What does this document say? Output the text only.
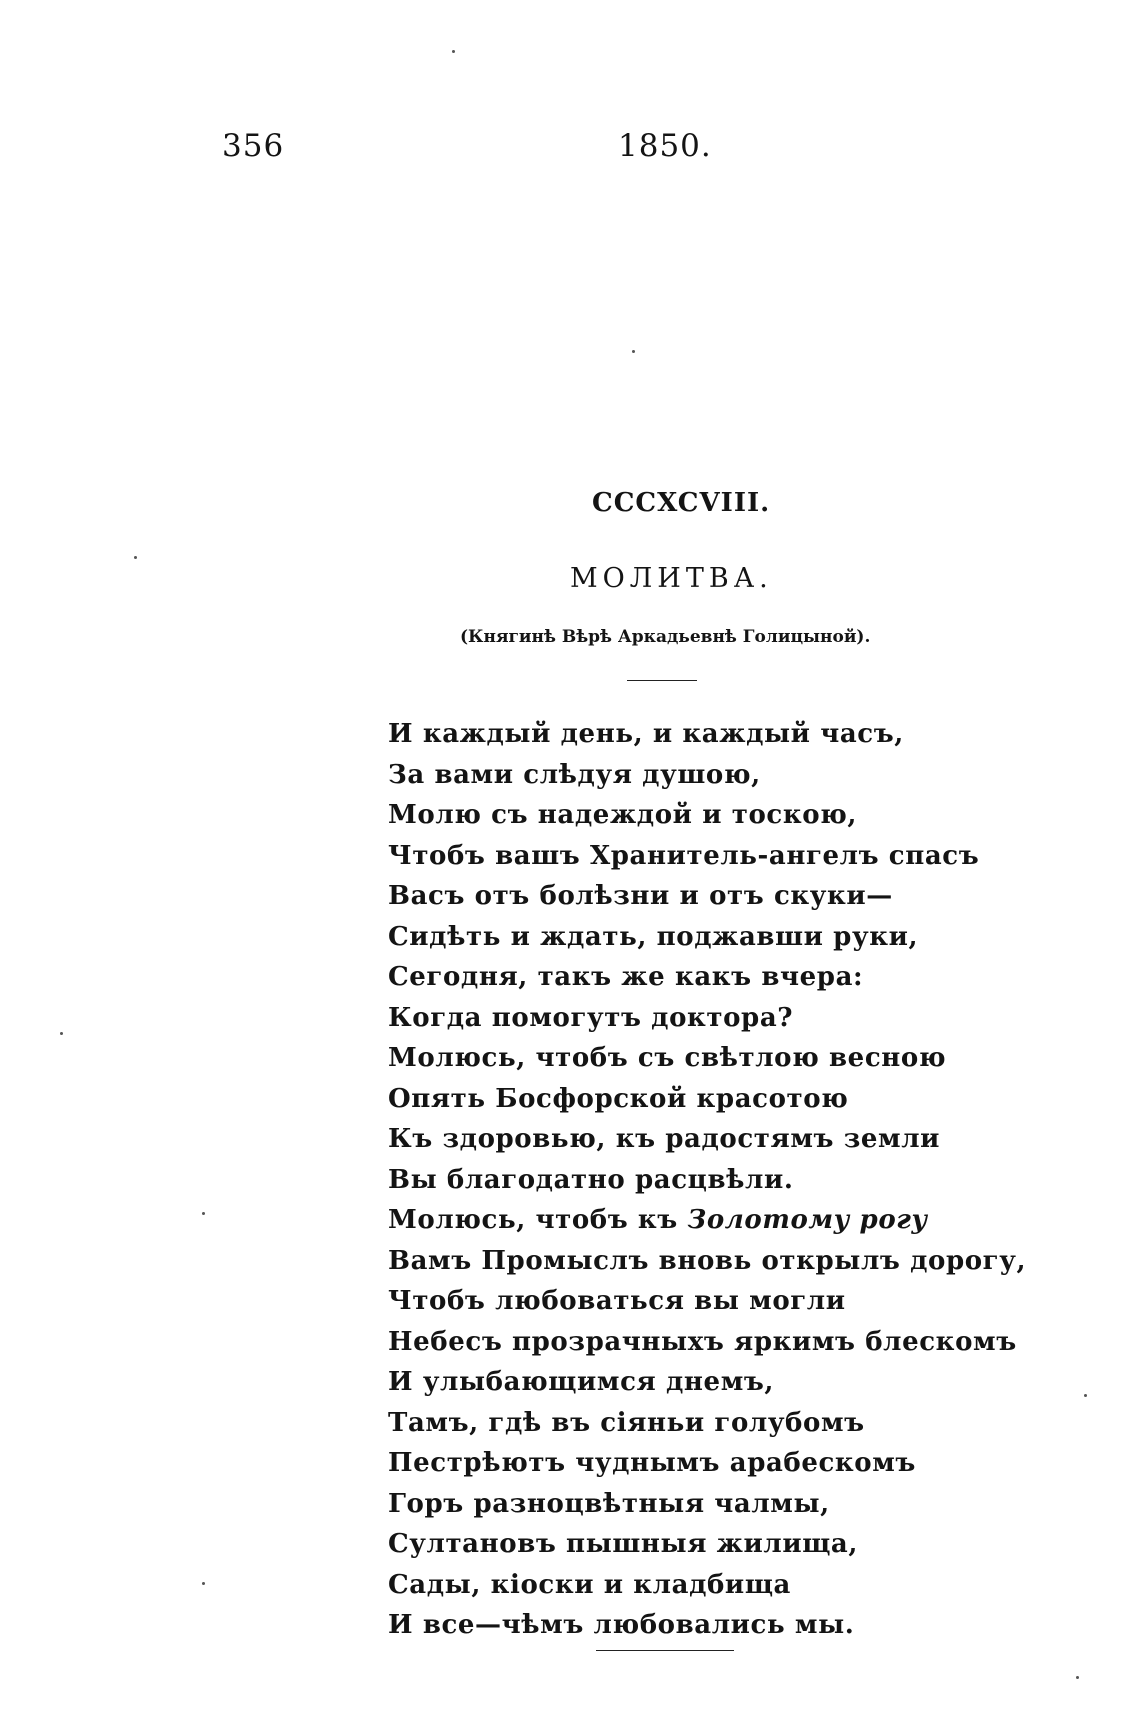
356	1850.
CCCXCVIII.
МОЛИТВА.
(Княгинѣ Вѣрѣ Аркадьевнѣ Голицыной).
И каждый день, и каждый часъ,
За вами слѣдуя душою,
Молю съ надеждой и тоскою,
Чтобъ вашъ Хранитель-ангелъ спасъ
Васъ отъ болѣзни и отъ скуки—
Сидѣть и ждать, поджавши руки,
Сегодня, такъ же какъ вчера:
Когда помогутъ доктора?
Молюсь, чтобъ съ свѣтлою весною
Опять Босфорской красотою
Къ здоровью, къ радостямъ земли
Вы благодатно расцвѣли.
Молюсь, чтобъ къ Золотому рогу
Вамъ Промыслъ вновь открылъ дорогу,
Чтобъ любоваться вы могли
Небесъ прозрачныхъ яркимъ блескомъ
И улыбающимся днемъ,
Тамъ, гдѣ въ сіяньи голубомъ
Пестрѣютъ чуднымъ арабескомъ
Горъ разноцвѣтныя чалмы,
Султановъ пышныя жилища,
Сады, кіоски и кладбища
И все—чѣмъ любовались мы.
